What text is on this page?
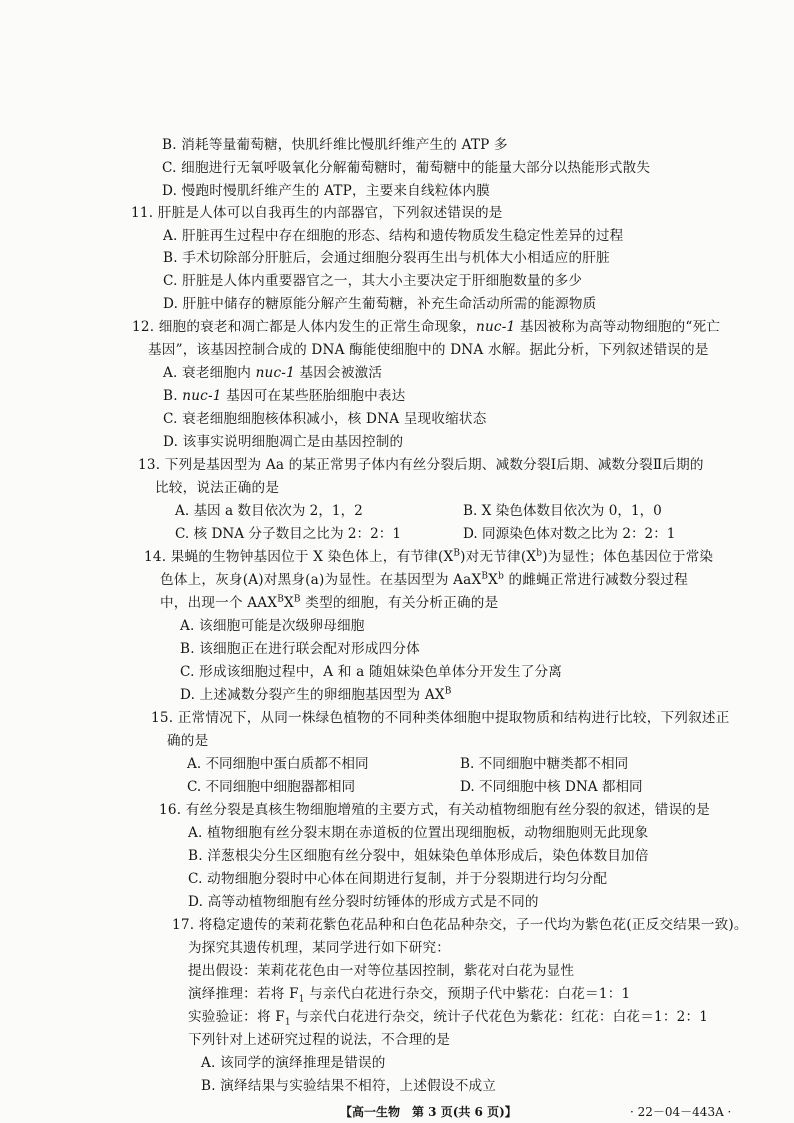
B. 消耗等量葡萄糖，快肌纤维比慢肌纤维产生的 ATP 多
C. 细胞进行无氧呼吸氧化分解葡萄糖时，葡萄糖中的能量大部分以热能形式散失
D. 慢跑时慢肌纤维产生的 ATP，主要来自线粒体内膜
11. 肝脏是人体可以自我再生的内部器官，下列叙述错误的是
A. 肝脏再生过程中存在细胞的形态、结构和遗传物质发生稳定性差异的过程
B. 手术切除部分肝脏后，会通过细胞分裂再生出与机体大小相适应的肝脏
C. 肝脏是人体内重要器官之一，其大小主要决定于肝细胞数量的多少
D. 肝脏中储存的糖原能分解产生葡萄糖，补充生命活动所需的能源物质
12. 细胞的衰老和凋亡都是人体内发生的正常生命现象，nuc-1 基因被称为高等动物细胞的“死亡
基因”，该基因控制合成的 DNA 酶能使细胞中的 DNA 水解。据此分析，下列叙述错误的是
A. 衰老细胞内 nuc-1 基因会被激活
B. nuc-1 基因可在某些胚胎细胞中表达
C. 衰老细胞细胞核体积减小，核 DNA 呈现收缩状态
D. 该事实说明细胞凋亡是由基因控制的
13. 下列是基因型为 Aa 的某正常男子体内有丝分裂后期、减数分裂Ⅰ后期、减数分裂Ⅱ后期的
比较，说法正确的是
A. 基因 a 数目依次为 2，1，2	B. X 染色体数目依次为 0，1，0
C. 核 DNA 分子数目之比为 2：2：1	D. 同源染色体对数之比为 2：2：1
14. 果蝇的生物钟基因位于 X 染色体上，有节律$(X^B)$对无节律$(X^b)$为显性；体色基因位于常染
色体上，灰身(A)对黑身(a)为显性。在基因型为 $AaX^BX^b$ 的雌蝇正常进行减数分裂过程
中，出现一个 $AAX^BX^B$ 类型的细胞，有关分析正确的是
A. 该细胞可能是次级卵母细胞
B. 该细胞正在进行联会配对形成四分体
C. 形成该细胞过程中，A 和 a 随姐妹染色单体分开发生了分离
D. 上述减数分裂产生的卵细胞基因型为 $AX^B$
15. 正常情况下，从同一株绿色植物的不同种类体细胞中提取物质和结构进行比较，下列叙述正
确的是
A. 不同细胞中蛋白质都不相同	B. 不同细胞中糖类都不相同
C. 不同细胞中细胞器都相同	D. 不同细胞中核 DNA 都相同
16. 有丝分裂是真核生物细胞增殖的主要方式，有关动植物细胞有丝分裂的叙述，错误的是
A. 植物细胞有丝分裂末期在赤道板的位置出现细胞板，动物细胞则无此现象
B. 洋葱根尖分生区细胞有丝分裂中，姐妹染色单体形成后，染色体数目加倍
C. 动物细胞分裂时中心体在间期进行复制，并于分裂期进行均匀分配
D. 高等动植物细胞有丝分裂时纺锤体的形成方式是不同的
17. 将稳定遗传的茉莉花紫色花品种和白色花品种杂交，子一代均为紫色花(正反交结果一致)。
为探究其遗传机理，某同学进行如下研究：
提出假设：茉莉花花色由一对等位基因控制，紫花对白花为显性
演绎推理：若将 $F_1$ 与亲代白花进行杂交，预期子代中紫花：白花＝1：1
实验验证：将 $F_1$ 与亲代白花进行杂交，统计子代花色为紫花：红花：白花＝1：2：1
下列针对上述研究过程的说法，不合理的是
A. 该同学的演绎推理是错误的
B. 演绎结果与实验结果不相符，上述假设不成立
【高一生物　第 3 页(共 6 页)】	· 22－04－443A ·
